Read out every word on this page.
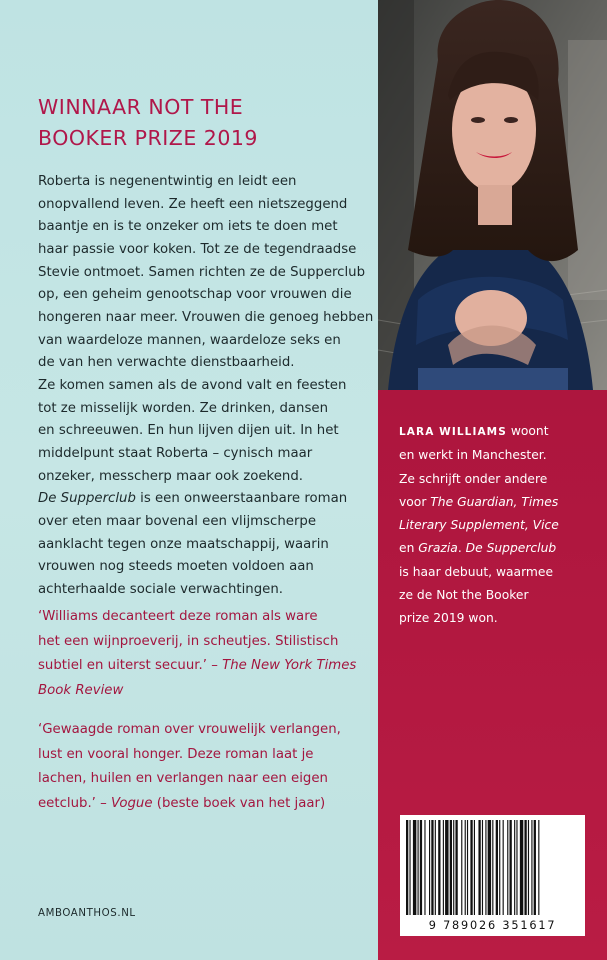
WINNAAR NOT THE
BOOKER PRIZE 2019

Roberta is negenentwintig en leidt een
onopvallend leven. Ze heeft een nietszeggend
baantje en is te onzeker om iets te doen met
haar passie voor koken. Tot ze de tegendraadse
Stevie ontmoet. Samen richten ze de Supperclub
op, een geheim genootschap voor vrouwen die
hongeren naar meer. Vrouwen die genoeg hebben
van waardeloze mannen, waardeloze seks en
de van hen verwachte dienstbaarheid.
Ze komen samen als de avond valt en feesten
tot ze misselijk worden. Ze drinken, dansen
en schreeuwen. En hun lijven dijen uit. In het
middelpunt staat Roberta – cynisch maar
onzeker, messcherp maar ook zoekend.
De Supperclub is een onweerstaanbare roman
over eten maar bovenal een vlijmscherpe
aanklacht tegen onze maatschappij, waarin
vrouwen nog steeds moeten voldoen aan
achterhaalde sociale verwachtingen.

‘Williams decanteert deze roman als ware
het een wijnproeverij, in scheutjes. Stilistisch
subtiel en uiterst secuur.’ – The New York Times
Book Review

‘Gewaagde roman over vrouwelijk verlangen,
lust en vooral honger. Deze roman laat je
lachen, huilen en verlangen naar een eigen
eetclub.’ – Vogue (beste boek van het jaar)

AMBOANTHOS.NL

LARA WILLIAMS woont
en werkt in Manchester.
Ze schrijft onder andere
voor The Guardian, Times
Literary Supplement, Vice
en Grazia. De Supperclub
is haar debuut, waarmee
ze de Not the Booker
prize 2019 won.

9 789026 351617
